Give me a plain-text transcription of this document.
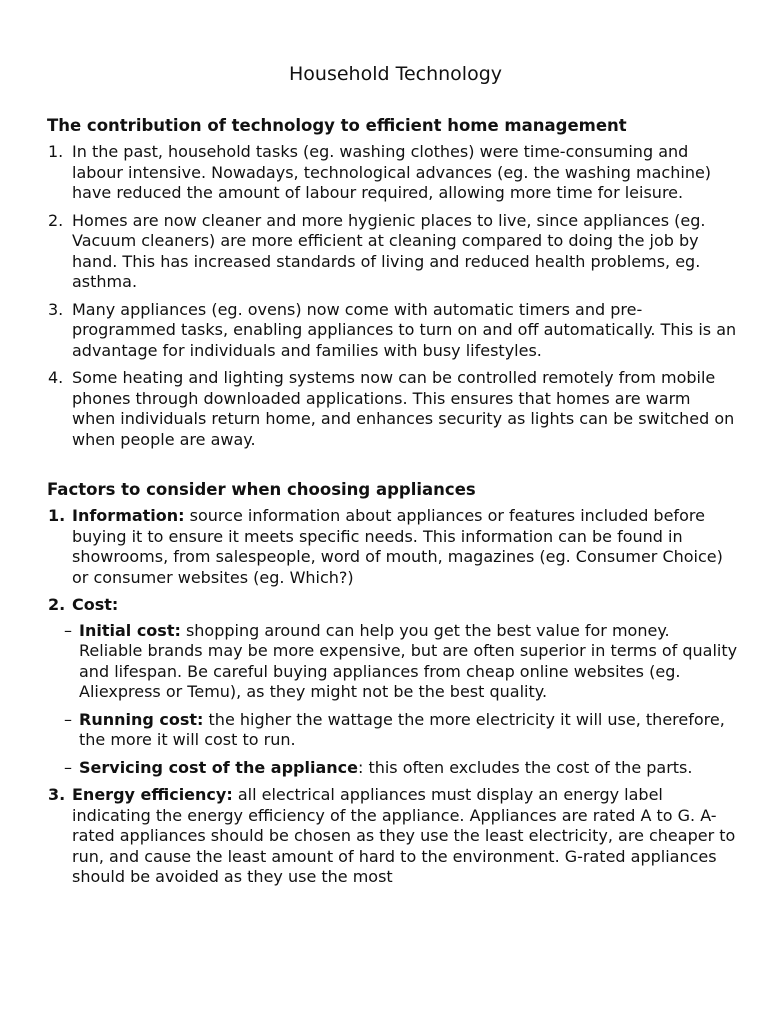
Household Technology
The contribution of technology to efficient home management
1. In the past, household tasks (eg. washing clothes) were time-consuming and labour intensive. Nowadays, technological advances (eg. the washing machine) have reduced the amount of labour required, allowing more time for leisure.
2. Homes are now cleaner and more hygienic places to live, since appliances (eg. Vacuum cleaners) are more efficient at cleaning compared to doing the job by hand. This has increased standards of living and reduced health problems, eg. asthma.
3. Many appliances (eg. ovens) now come with automatic timers and pre-programmed tasks, enabling appliances to turn on and off automatically. This is an advantage for individuals and families with busy lifestyles.
4. Some heating and lighting systems now can be controlled remotely from mobile phones through downloaded applications. This ensures that homes are warm when individuals return home, and enhances security as lights can be switched on when people are away.
Factors to consider when choosing appliances
1. Information: source information about appliances or features included before buying it to ensure it meets specific needs. This information can be found in showrooms, from salespeople, word of mouth, magazines (eg. Consumer Choice) or consumer websites (eg. Which?)
2. Cost:
– Initial cost: shopping around can help you get the best value for money. Reliable brands may be more expensive, but are often superior in terms of quality and lifespan. Be careful buying appliances from cheap online websites (eg. Aliexpress or Temu), as they might not be the best quality.
– Running cost: the higher the wattage the more electricity it will use, therefore, the more it will cost to run.
– Servicing cost of the appliance: this often excludes the cost of the parts.
3. Energy efficiency: all electrical appliances must display an energy label indicating the energy efficiency of the appliance. Appliances are rated A to G. A-rated appliances should be chosen as they use the least electricity, are cheaper to run, and cause the least amount of hard to the environment. G-rated appliances should be avoided as they use the most
